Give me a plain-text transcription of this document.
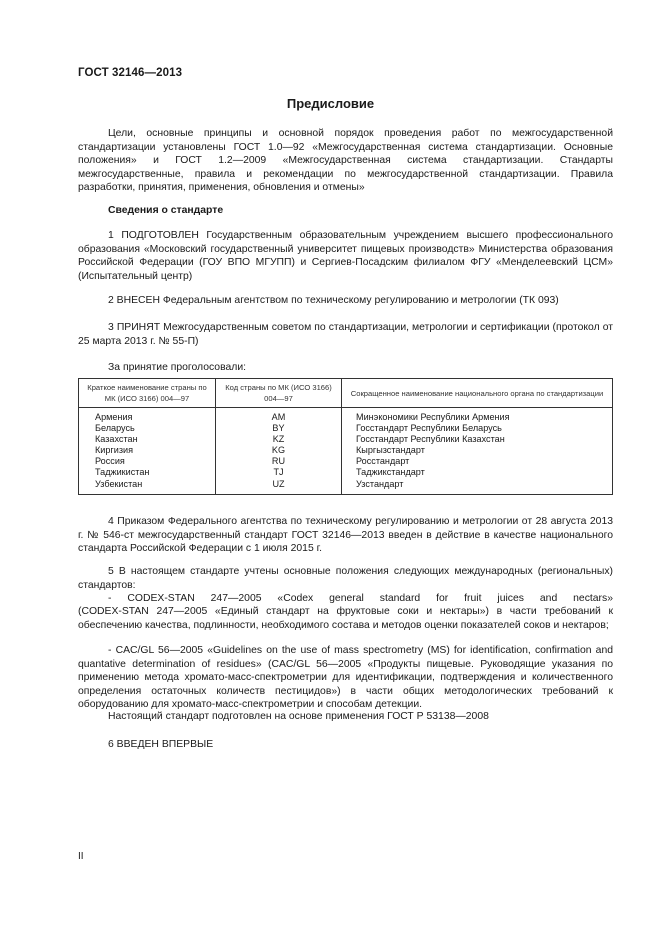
ГОСТ 32146—2013
Предисловие
Цели, основные принципы и основной порядок проведения работ по межгосударственной стандартизации установлены ГОСТ 1.0—92 «Межгосударственная система стандартизации. Основные положения» и ГОСТ 1.2—2009 «Межгосударственная система стандартизации. Стандарты межгосударственные, правила и рекомендации по межгосударственной стандартизации. Правила разработки, принятия, применения, обновления и отмены»
Сведения о стандарте
1 ПОДГОТОВЛЕН Государственным образовательным учреждением высшего профессионального образования «Московский государственный университет пищевых производств» Министерства образования Российской Федерации (ГОУ ВПО МГУПП) и Сергиев-Посадским филиалом ФГУ «Менделеевский ЦСМ» (Испытательный центр)
2 ВНЕСЕН Федеральным агентством по техническому регулированию и метрологии (ТК 093)
3 ПРИНЯТ Межгосударственным советом по стандартизации, метрологии и сертификации (протокол от 25 марта 2013 г. № 55-П)
За принятие проголосовали:
Краткое наименование страны по МК (ИСО 3166) 004—97	Код страны по МК (ИСО 3166) 004—97	Сокращенное наименование национального органа по стандартизации
Армения	AM	Минэкономики Республики Армения
Беларусь	BY	Госстандарт Республики Беларусь
Казахстан	KZ	Госстандарт Республики Казахстан
Киргизия	KG	Кыргызстандарт
Россия	RU	Росстандарт
Таджикистан	TJ	Таджикстандарт
Узбекистан	UZ	Узстандарт
4 Приказом Федерального агентства по техническому регулированию и метрологии от 28 августа 2013 г. № 546-ст межгосударственный стандарт ГОСТ 32146—2013 введен в действие в качестве национального стандарта Российской Федерации с 1 июля 2015 г.
5 В настоящем стандарте учтены основные положения следующих международных (региональных) стандартов:
- CODEX-STAN 247—2005 «Codex general standard for fruit juices and nectars»
(CODEX-STAN 247—2005 «Единый стандарт на фруктовые соки и нектары») в части требований к обеспечению качества, подлинности, необходимого состава и методов оценки показателей соков и нектаров;
- CAC/GL 56—2005 «Guidelines on the use of mass spectrometry (MS) for identification, confirmation and quantative determination of residues» (CAC/GL 56—2005 «Продукты пищевые. Руководящие указания по применению метода хромато-масс-спектрометрии для идентификации, подтверждения и количественного определения остаточных количеств пестицидов») в части общих методологических требований к оборудованию для хромато-масс-спектрометрии и способам детекции.
Настоящий стандарт подготовлен на основе применения ГОСТ Р 53138—2008
6 ВВЕДЕН ВПЕРВЫЕ
II
